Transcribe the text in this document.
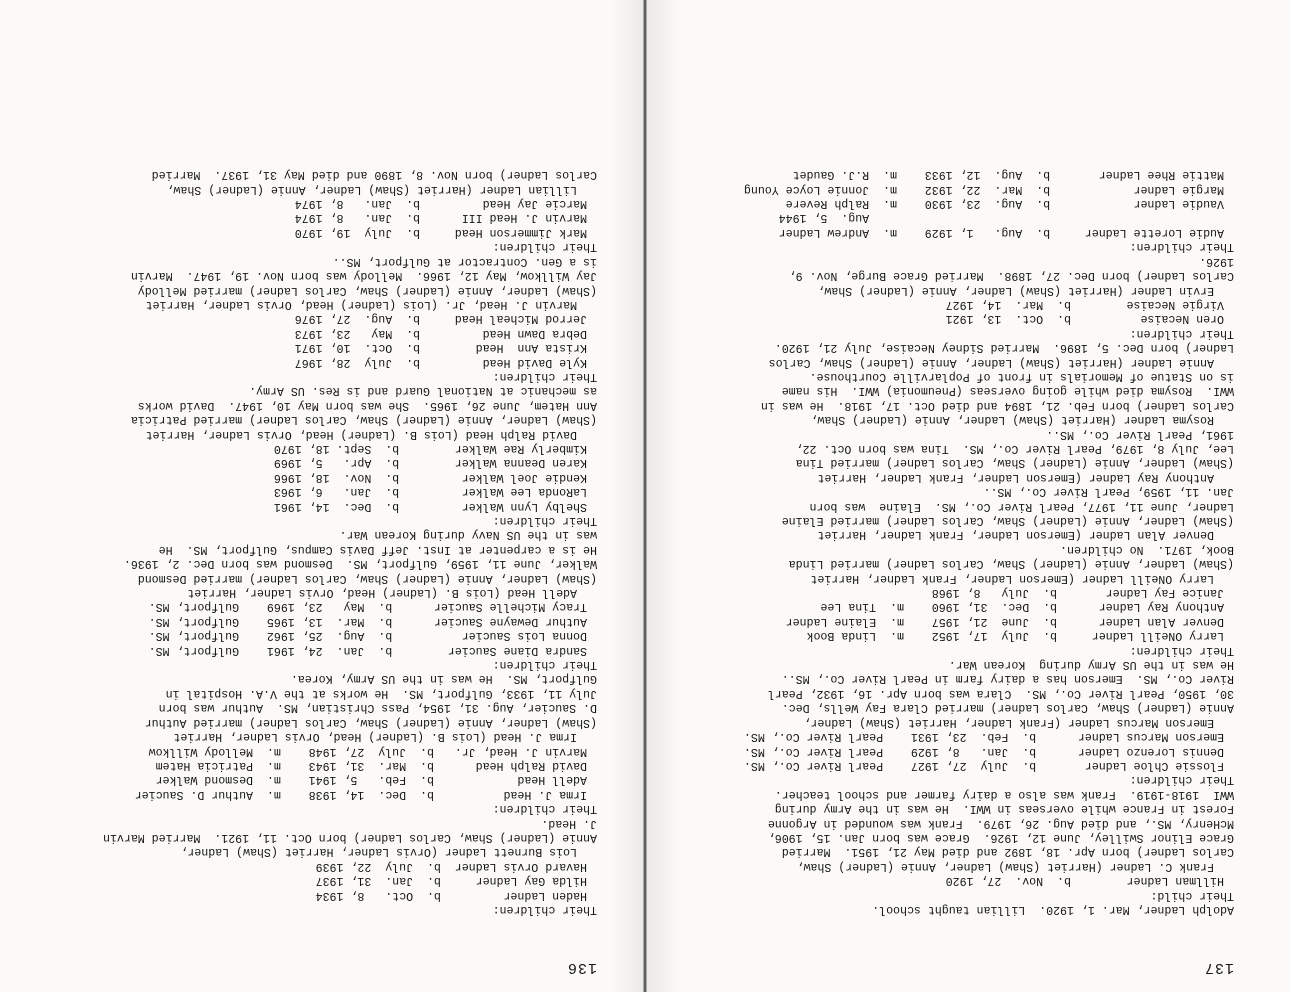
136
Their children:
Haden Ladner         b.  Oct.   8, 1934
Hilda Gay Ladner     b.  Jan.  31, 1937
Havard Orvis Ladner  b.  July  22, 1939
Lois Burnett Ladner (Orvis Ladner, Harriet (Shaw) Ladner,
Annie (Ladner) Shaw, Carlos Ladner) born Oct. 11, 1921.  Married Marvin
J. Head.
Their children:
Irma J. Head          b.  Dec.  14, 1938    m.  Authur D. Saucier
Adell Head            b.  Feb.   5, 1941    m.  Desmond Walker
David Ralph Head      b.  Mar.  31, 1943    m.  Patricia Hatem
Marvin J. Head, Jr.   b.  July  27, 1948    m.  Mellody Willkow
Irma J. Head (Lois B. (Ladner) Head, Orvis Ladner, Harriet
(Shaw) Ladner, Annie (Ladner) Shaw, Carlos Ladner) married Authur
D. Saucier, Aug. 31, 1954, Pass Christian, MS.  Authur was born
July 11, 1933, Gulfport, MS.  He works at the V.A. Hospital in
Gulfport, MS.  He was in the US Army, Korea.
Their children:
Sandra Diane Saucier        b.  Jan.  24, 1961    Gulfport, MS.
Donna Lois Saucier          b.  Aug.  25, 1962    Gulfport, MS.
Authur Dewayne Saucier      b.  Mar.  13, 1965    Gulfport, MS.
Tracy Michelle Saucier      b.  May   23, 1969    Gulfport, MS.
Adell Head (Lois B. (Ladner) Head, Orvis Ladner, Harriet
(Shaw) Ladner, Annie (Ladner) Shaw, Carlos Ladner) married Desmond
Walker, June 11, 1959, Gulfport, MS.  Desmond was born Dec. 2, 1936.
He is a carpenter at Inst. Jeff Davis Campus, Gulfport, MS.  He
was in the US Navy during Korean War.
Their children:
Shelby Lynn Walker         b.  Dec.  14, 1961
LaRonda Lee Walker         b.  Jan.   6, 1963
Kendie Joel Walker         b.  Nov.  18, 1966
Karen Deanna Walker        b.  Apr.   5, 1969
Kimberly Rae Walker        b.  Sept. 18, 1970
David Ralph Head (Lois B. (Ladner) Head, Orvis Ladner, Harriet
(Shaw) Ladner, Annie (Ladner) Shaw, Carlos Ladner) married Patricia
Ann Hatem, June 26, 1965.  She was born May 10, 1947.  David works
as mechanic at National Guard and is Res. US Army.
Their children:
Kyle David Head         b.  July  28, 1967
Krista Ann  Head        b.  Oct.  10, 1971
Debra Dawn Head         b.  May   23, 1973
Jerrod Micheal Head     b.  Aug.  27, 1976
Marvin J. Head, Jr. (Lois (Ladner) Head, Orvis Ladner, Harriet
(Shaw) Ladner, Annie (Ladner) Shaw, Carlos Ladner) married Mellody
Jay Willkow, May 12, 1966.  Mellody was born Nov. 19, 1947.  Marvin
is a Gen. Contractor at Gulfport, MS..
Their children:
Mark Jimmerson Head     b.  July  19, 1970
Marvin J. Head III      b.  Jan.   8, 1974
Marcie Jay Head         b.  Jan.   8, 1974
Lillian Ladner (Harriet (Shaw) Ladner, Annie (Ladner) Shaw,
Carlos Ladner) born Nov. 8, 1890 and died May 31, 1937.  Married
137
Adolph Ladner, Mar. 1, 1920.  Lillian taught school.
Their child:
Hillman Ladner        b.  Nov.  27, 1920
Frank C. Ladner (Harriet (Shaw) Ladner, Annie (Ladner) Shaw,
Carlos Ladner) born Apr. 18, 1892 and died May 21, 1951.  Married
Grace Elinor Swilley, June 12, 1926.  Grace was born Jan. 15, 1906,
McHenry, MS., and died Aug. 26, 1979.  Frank was wounded in Argonne
Forest in France while overseas in WWI.  He was in the Army during
WWI  1918-1919.  Frank was also a dairy farmer and school teacher.
Their children:
Flossie Chloe Ladner       b.  July  27, 1927    Pearl River Co., MS.
Dennis Lorenzo Ladner      b.  Jan.   8, 1929    Pearl River Co., MS.
Emerson Marcus Ladner      b.  Feb.  23, 1931    Pearl River Co., MS.
Emerson Marcus Ladner (Frank Ladner, Harriet (Shaw) Ladner,
Annie (Ladner) Shaw, Carlos Ladner) married Clara Fay Wells, Dec.
30, 1950, Pearl River Co., MS.  Clara was born Apr. 16, 1932, Pearl
River Co., MS.  Emerson has a dairy farm in Pearl River Co., MS..
He was in the US Army during  Korean War.
Their children:
Larry ONeill Ladner     b.  July  17, 1952    m.  Linda Book
Denver Alan Ladner      b.  June  21, 1957    m.  Elaine Ladner
Anthony Ray Ladner      b.  Dec.  31, 1960    m.  Tina Lee
Janice Fay Ladner       b.  July   8, 1968
Larry ONeill Ladner (Emerson Ladner, Frank Ladner, Harriet
(Shaw) Ladner, Annie (Ladner) Shaw, Carlos Ladner) married Linda
Book, 1971.  No children.
Denver Alan Ladner (Emerson Ladner, Frank Ladner, Harriet
(Shaw) Ladner, Annie (Ladner) Shaw, Carlos Ladner) married Elaine
Ladner, June 11, 1977, Pearl River Co., MS.  Elaine  was born
Jan. 11, 1959, Pearl River Co., MS..
Anthony Ray Ladner (Emerson Ladner, Frank Ladner, Harriet
(Shaw) Ladner, Annie (Ladner) Shaw, Carlos Ladner) married Tina
Lee, July 8, 1979, Pearl River Co., MS.  Tina was born Oct. 22,
1961, Pearl River Co., MS..
Rosyma Ladner (Harriet (Shaw) Ladner, Annie (Ladner) Shaw,
Carlos Ladner) born Feb. 21, 1894 and died Oct. 17, 1918.  He was in
WWI.  Rosyma died while going overseas (Pneumonia) WWI.  His name
is on Statue of Memorials in front of Poplarville Courthouse.
Annie Ladner (Harriet (Shaw) Ladner, Annie (Ladner) Shaw, Carlos
Ladner) born Dec. 5, 1896.  Married Sidney Necaise, July 21, 1920.
Their children:
Oren Necaise          b.  Oct.  13, 1921
Virgie Necaise        b.  Mar.  14, 1927
Ervin Ladner (Harriet (Shaw) Ladner, Annie (Ladner) Shaw,
Carlos Ladner) born Dec. 27, 1898.  Married Grace Burge, Nov. 9,
1926.
Their children:
Audie Lorette Ladner     b.  Aug.   1, 1929    m.  Andrew Ladner
Aug.  5, 1944
Vaudie Ladner            b.  Aug.  23, 1930    m.  Ralph Revere
Margie Ladner            b.  Mar.  22, 1932    m.  Jonnie Loyce Young
Mattie Rhee Ladner       b.  Aug.  12, 1933    m.  R.J. Gaudet
